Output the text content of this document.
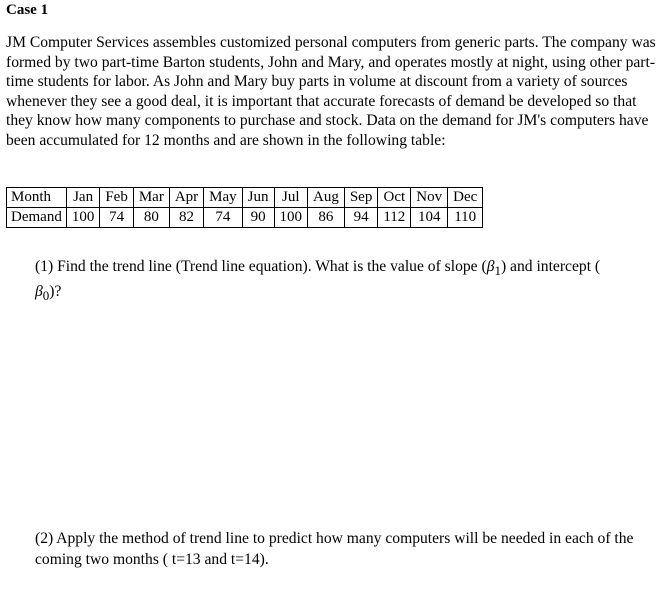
Case 1

JM Computer Services assembles customized personal computers from generic parts. The company was formed by two part-time Barton students, John and Mary, and operates mostly at night, using other part-time students for labor. As John and Mary buy parts in volume at discount from a variety of sources whenever they see a good deal, it is important that accurate forecasts of demand be developed so that they know how many components to purchase and stock. Data on the demand for JM's computers have been accumulated for 12 months and are shown in the following table:

Month	Jan	Feb	Mar	Apr	May	Jun	Jul	Aug	Sep	Oct	Nov	Dec
Demand	100	74	80	82	74	90	100	86	94	112	104	110

(1) Find the trend line (Trend line equation). What is the value of slope $(\beta_1)$ and intercept (
$\beta_0$)?

(2) Apply the method of trend line to predict how many computers will be needed in each of the coming two months ( t=13 and t=14).
